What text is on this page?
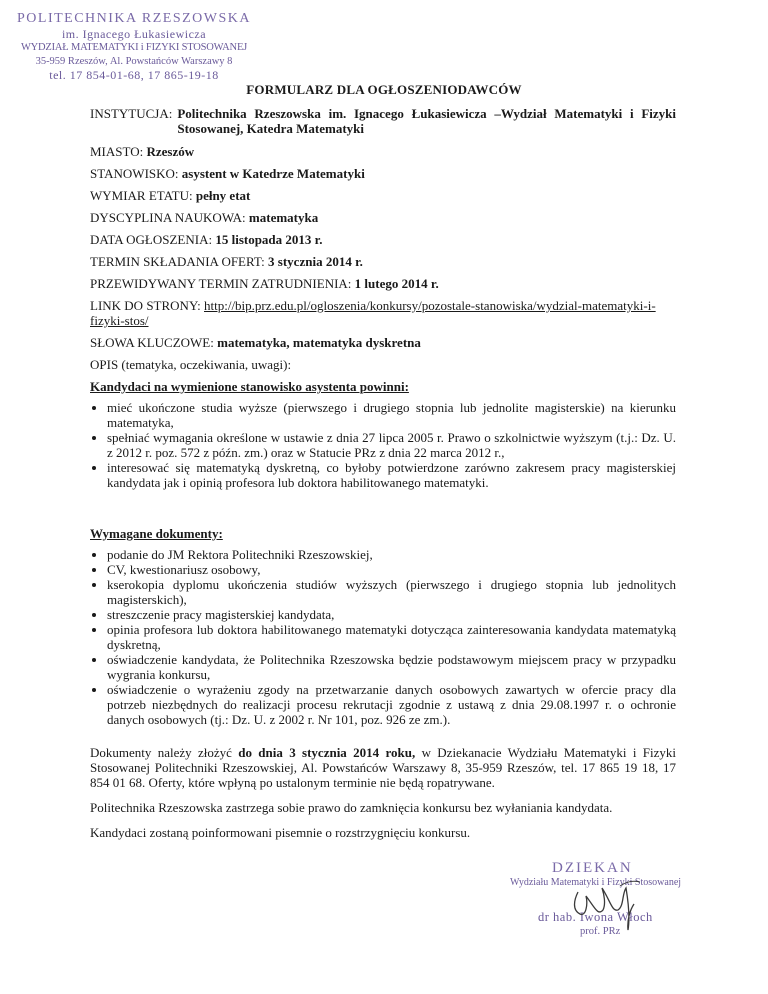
POLITECHNIKA RZESZOWSKA
im. Ignacego Łukasiewicza
WYDZIAŁ MATEMATYKI i FIZYKI STOSOWANEJ
35-959 Rzeszów, Al. Powstańców Warszawy 8
tel. 17 854-01-68, 17 865-19-18
FORMULARZ DLA OGŁOSZENIODAWCÓW
INSTYTUCJA: Politechnika Rzeszowska im. Ignacego Łukasiewicza –Wydział Matematyki i Fizyki Stosowanej, Katedra Matematyki
MIASTO: Rzeszów
STANOWISKO: asystent w Katedrze Matematyki
WYMIAR ETATU: pełny etat
DYSCYPLINA NAUKOWA: matematyka
DATA OGŁOSZENIA: 15 listopada 2013 r.
TERMIN SKŁADANIA OFERT: 3 stycznia 2014 r.
PRZEWIDYWANY TERMIN ZATRUDNIENIA: 1 lutego 2014 r.
LINK DO STRONY: http://bip.prz.edu.pl/ogloszenia/konkursy/pozostale-stanowiska/wydzial-matematyki-i-fizyki-stos/
SŁOWA KLUCZOWE: matematyka, matematyka dyskretna
OPIS (tematyka, oczekiwania, uwagi):
Kandydaci na wymienione stanowisko asystenta powinni:
• mieć ukończone studia wyższe (pierwszego i drugiego stopnia lub jednolite magisterskie) na kierunku matematyka,
• spełniać wymagania określone w ustawie z dnia 27 lipca 2005 r. Prawo o szkolnictwie wyższym (t.j.: Dz. U. z 2012 r. poz. 572 z późn. zm.) oraz w Statucie PRz z dnia 22 marca 2012 r.,
• interesować się matematyką dyskretną, co byłoby potwierdzone zarówno zakresem pracy magisterskiej kandydata jak i opinią profesora lub doktora habilitowanego matematyki.
Wymagane dokumenty:
• podanie do JM Rektora Politechniki Rzeszowskiej,
• CV, kwestionariusz osobowy,
• kserokopia dyplomu ukończenia studiów wyższych (pierwszego i drugiego stopnia lub jednolitych magisterskich),
• streszczenie pracy magisterskiej kandydata,
• opinia profesora lub doktora habilitowanego matematyki dotycząca zainteresowania kandydata matematyką dyskretną,
• oświadczenie kandydata, że Politechnika Rzeszowska będzie podstawowym miejscem pracy w przypadku wygrania konkursu,
• oświadczenie o wyrażeniu zgody na przetwarzanie danych osobowych zawartych w ofercie pracy dla potrzeb niezbędnych do realizacji procesu rekrutacji zgodnie z ustawą z dnia 29.08.1997 r. o ochronie danych osobowych (tj.: Dz. U. z 2002 r. Nr 101, poz. 926 ze zm.).

Dokumenty należy złożyć do dnia 3 stycznia 2014 roku, w Dziekanacie Wydziału Matematyki i Fizyki Stosowanej Politechniki Rzeszowskiej, Al. Powstańców Warszawy 8, 35-959 Rzeszów, tel. 17 865 19 18, 17 854 01 68. Oferty, które wpłyną po ustalonym terminie nie będą ropatrywane.

Politechnika Rzeszowska zastrzega sobie prawo do zamknięcia konkursu bez wyłaniania kandydata.

Kandydaci zostaną poinformowani pisemnie o rozstrzygnięciu konkursu.

DZIEKAN
Wydziału Matematyki i Fizyki Stosowanej
dr hab. Iwona Włoch
prof. PRz
